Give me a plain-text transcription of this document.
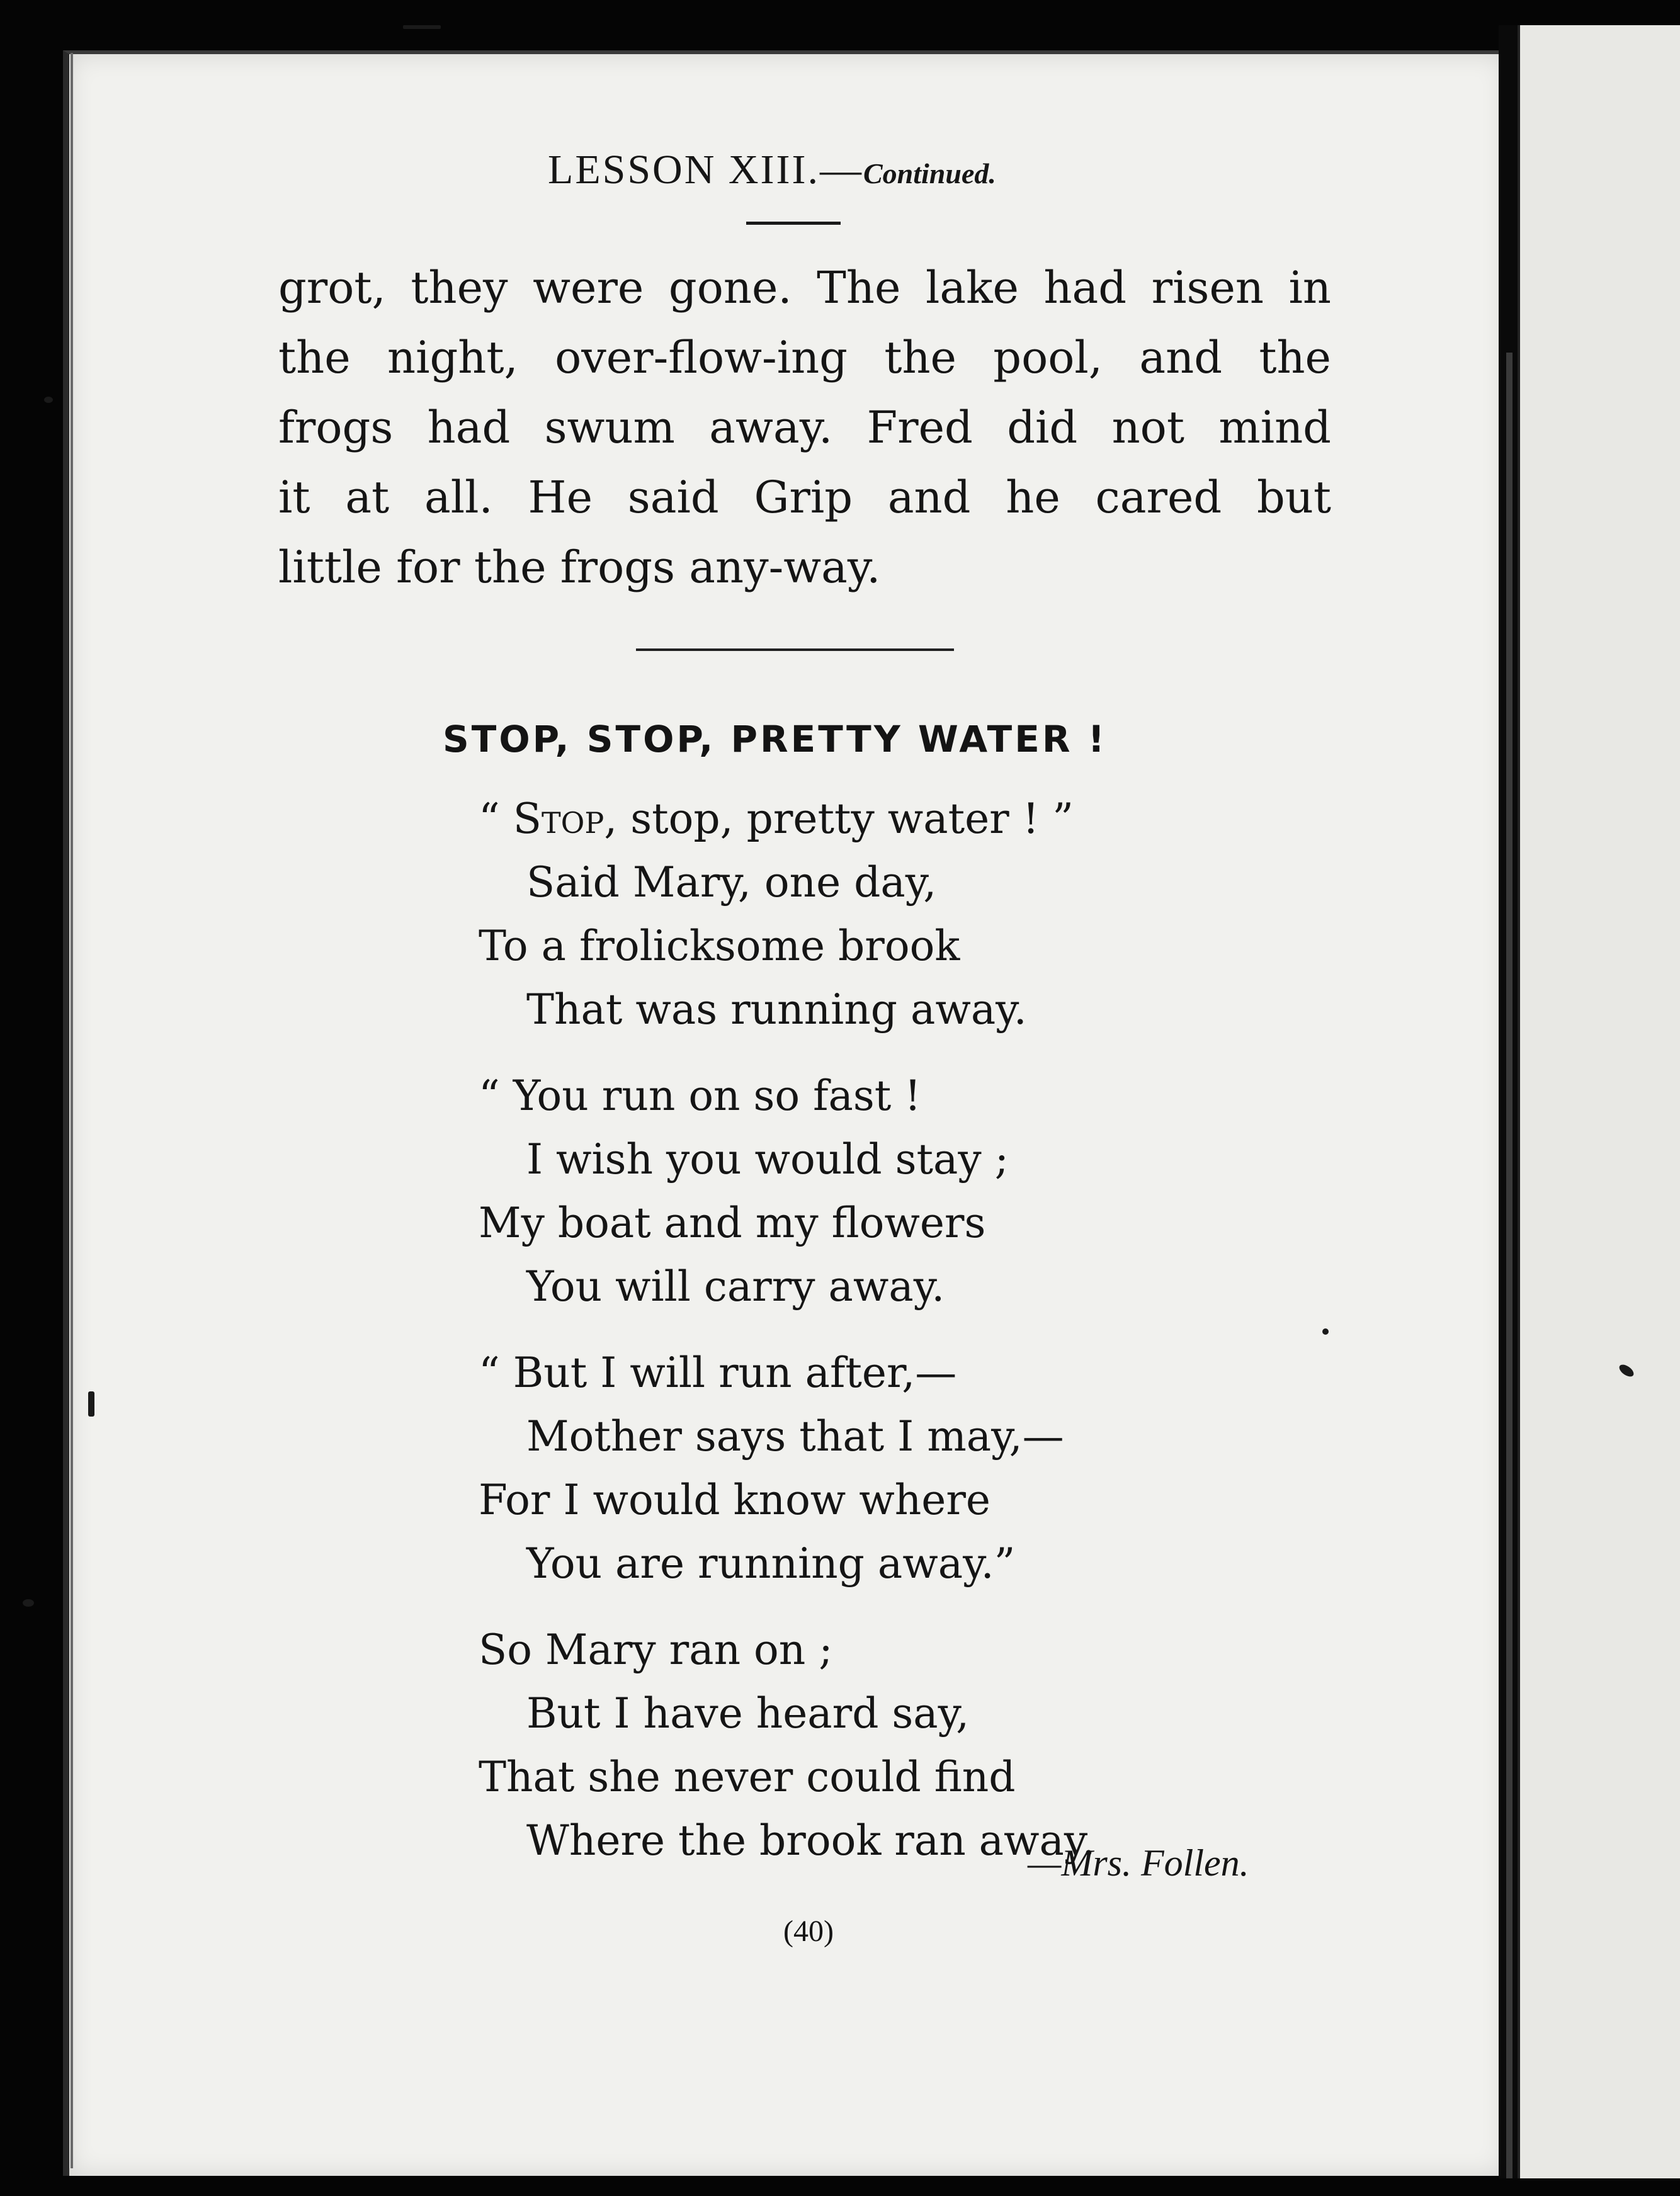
LESSON XIII.—Continued.

grot, they were gone. The lake had risen in

the night, over-flow-ing the pool, and the

frogs had swum away. Fred did not mind

it at all. He said Grip and he cared but

little for the frogs any-way.

STOP, STOP, PRETTY WATER !
“ Stop, stop, pretty water ! ”
Said Mary, one day,
To a frolicksome brook
That was running away.
“ You run on so fast !
I wish you would stay ;
My boat and my flowers
You will carry away.
“ But I will run after,—
Mother says that I may,—
For I would know where
You are running away.”
So Mary ran on ;
But I have heard say,
That she never could find
Where the brook ran away.
—Mrs. Follen.
(40)
